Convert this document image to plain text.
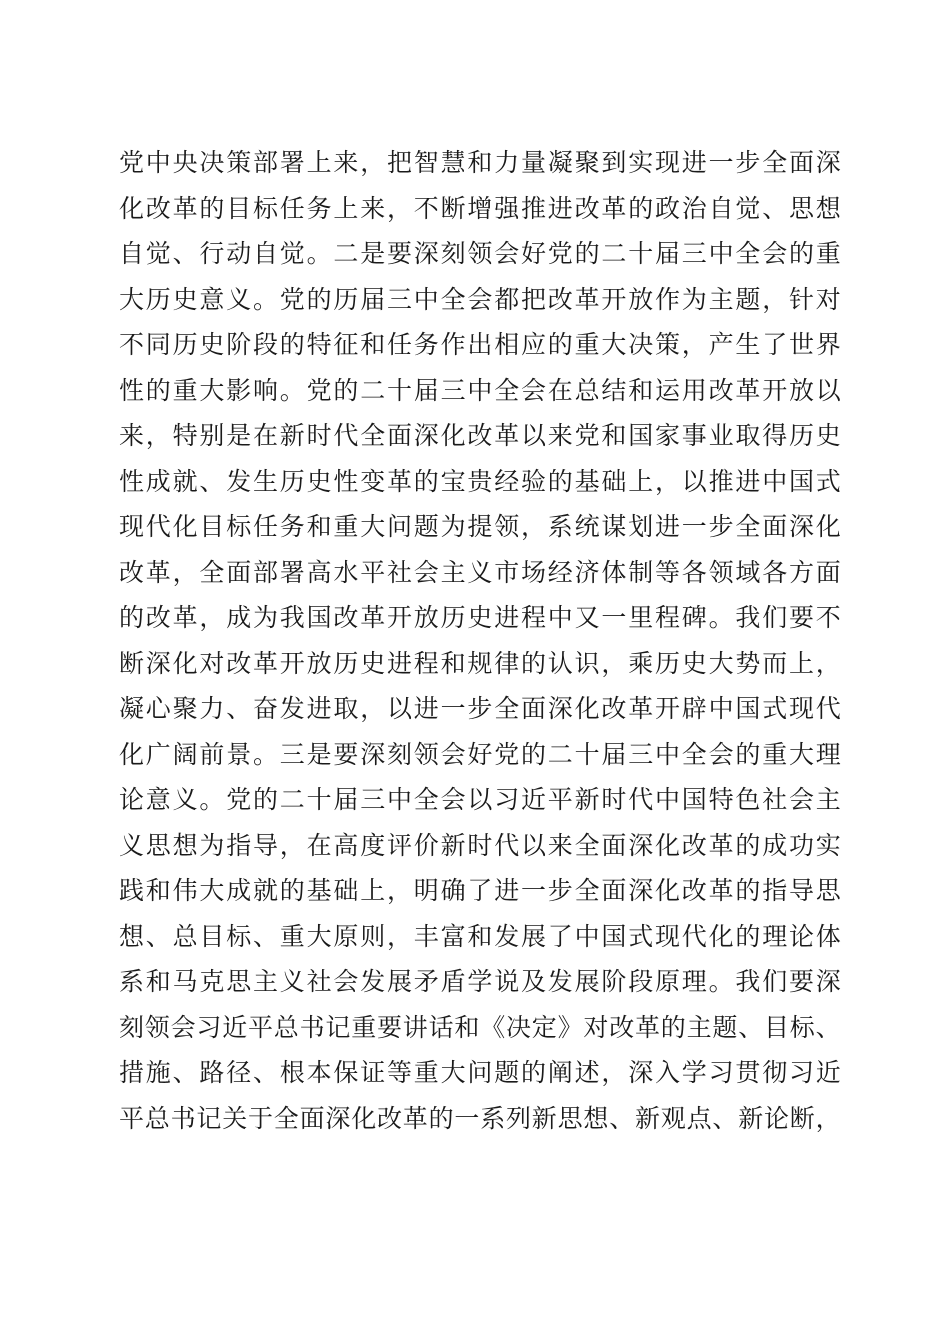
党中央决策部署上来，把智慧和力量凝聚到实现进一步全面深
化改革的目标任务上来，不断增强推进改革的政治自觉、思想
自觉、行动自觉。二是要深刻领会好党的二十届三中全会的重
大历史意义。党的历届三中全会都把改革开放作为主题，针对
不同历史阶段的特征和任务作出相应的重大决策，产生了世界
性的重大影响。党的二十届三中全会在总结和运用改革开放以
来，特别是在新时代全面深化改革以来党和国家事业取得历史
性成就、发生历史性变革的宝贵经验的基础上，以推进中国式
现代化目标任务和重大问题为提领，系统谋划进一步全面深化
改革，全面部署高水平社会主义市场经济体制等各领域各方面
的改革，成为我国改革开放历史进程中又一里程碑。我们要不
断深化对改革开放历史进程和规律的认识，乘历史大势而上，
凝心聚力、奋发进取，以进一步全面深化改革开辟中国式现代
化广阔前景。三是要深刻领会好党的二十届三中全会的重大理
论意义。党的二十届三中全会以习近平新时代中国特色社会主
义思想为指导，在高度评价新时代以来全面深化改革的成功实
践和伟大成就的基础上，明确了进一步全面深化改革的指导思
想、总目标、重大原则，丰富和发展了中国式现代化的理论体
系和马克思主义社会发展矛盾学说及发展阶段原理。我们要深
刻领会习近平总书记重要讲话和《决定》对改革的主题、目标、
措施、路径、根本保证等重大问题的阐述，深入学习贯彻习近
平总书记关于全面深化改革的一系列新思想、新观点、新论断，
